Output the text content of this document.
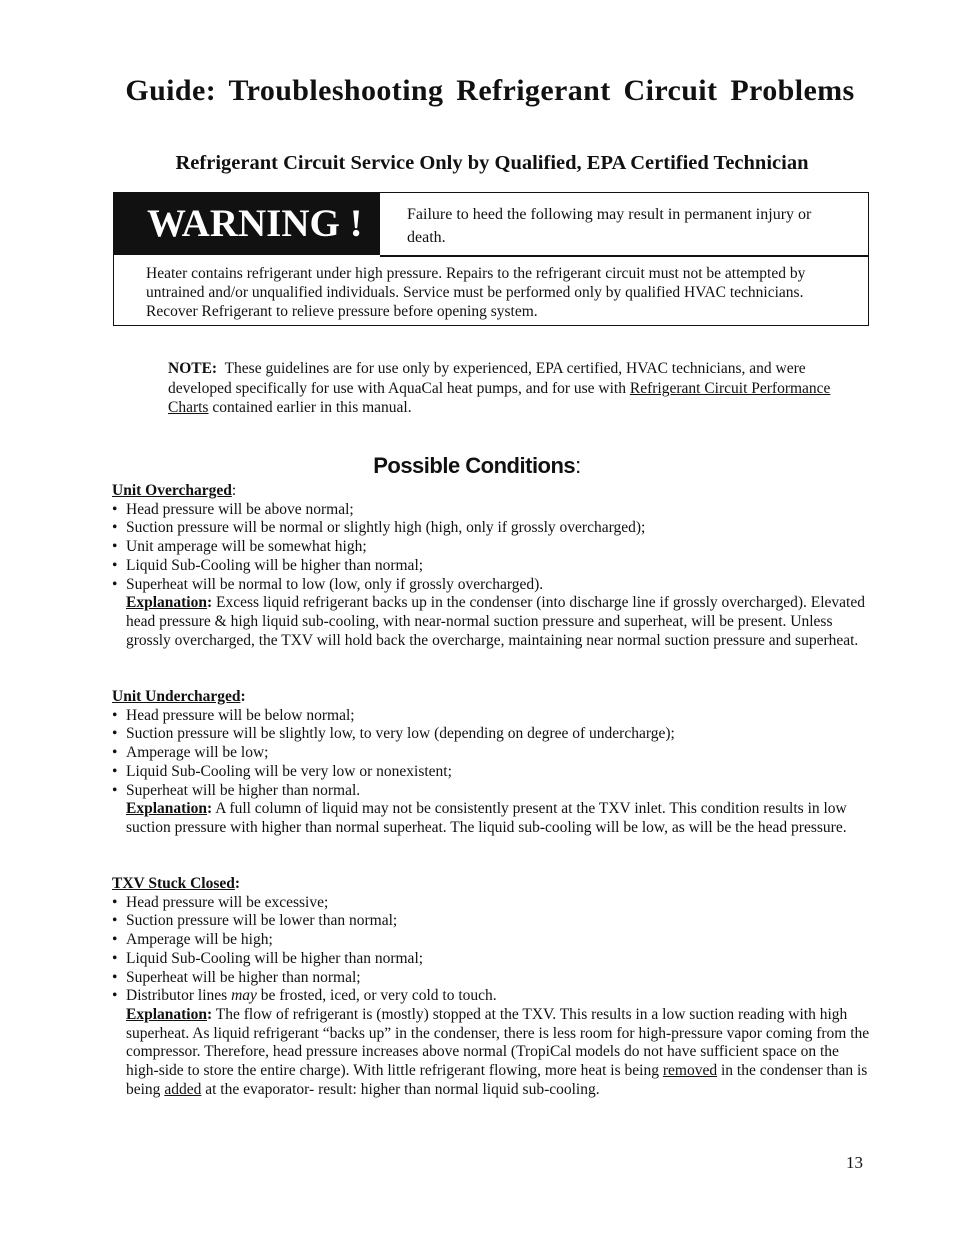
Guide: Troubleshooting Refrigerant Circuit Problems
Refrigerant Circuit Service Only by Qualified, EPA Certified Technician
WARNING !	Failure to heed the following may result in permanent injury or death.
Heater contains refrigerant under high pressure. Repairs to the refrigerant circuit must not be attempted by untrained and/or unqualified individuals. Service must be performed only by qualified HVAC technicians. Recover Refrigerant to relieve pressure before opening system.
NOTE: These guidelines are for use only by experienced, EPA certified, HVAC technicians, and were developed specifically for use with AquaCal heat pumps, and for use with Refrigerant Circuit Performance Charts contained earlier in this manual.
Possible Conditions:
Unit Overcharged:
• Head pressure will be above normal;
• Suction pressure will be normal or slightly high (high, only if grossly overcharged);
• Unit amperage will be somewhat high;
• Liquid Sub-Cooling will be higher than normal;
• Superheat will be normal to low (low, only if grossly overcharged).
Explanation: Excess liquid refrigerant backs up in the condenser (into discharge line if grossly overcharged). Elevated head pressure & high liquid sub-cooling, with near-normal suction pressure and superheat, will be present. Unless grossly overcharged, the TXV will hold back the overcharge, maintaining near normal suction pressure and superheat.
Unit Undercharged:
• Head pressure will be below normal;
• Suction pressure will be slightly low, to very low (depending on degree of undercharge);
• Amperage will be low;
• Liquid Sub-Cooling will be very low or nonexistent;
• Superheat will be higher than normal.
Explanation: A full column of liquid may not be consistently present at the TXV inlet. This condition results in low suction pressure with higher than normal superheat. The liquid sub-cooling will be low, as will be the head pressure.
TXV Stuck Closed:
• Head pressure will be excessive;
• Suction pressure will be lower than normal;
• Amperage will be high;
• Liquid Sub-Cooling will be higher than normal;
• Superheat will be higher than normal;
• Distributor lines may be frosted, iced, or very cold to touch.
Explanation: The flow of refrigerant is (mostly) stopped at the TXV. This results in a low suction reading with high superheat. As liquid refrigerant “backs up” in the condenser, there is less room for high-pressure vapor coming from the compressor. Therefore, head pressure increases above normal (TropiCal models do not have sufficient space on the high-side to store the entire charge). With little refrigerant flowing, more heat is being removed in the condenser than is being added at the evaporator- result: higher than normal liquid sub-cooling.
13
